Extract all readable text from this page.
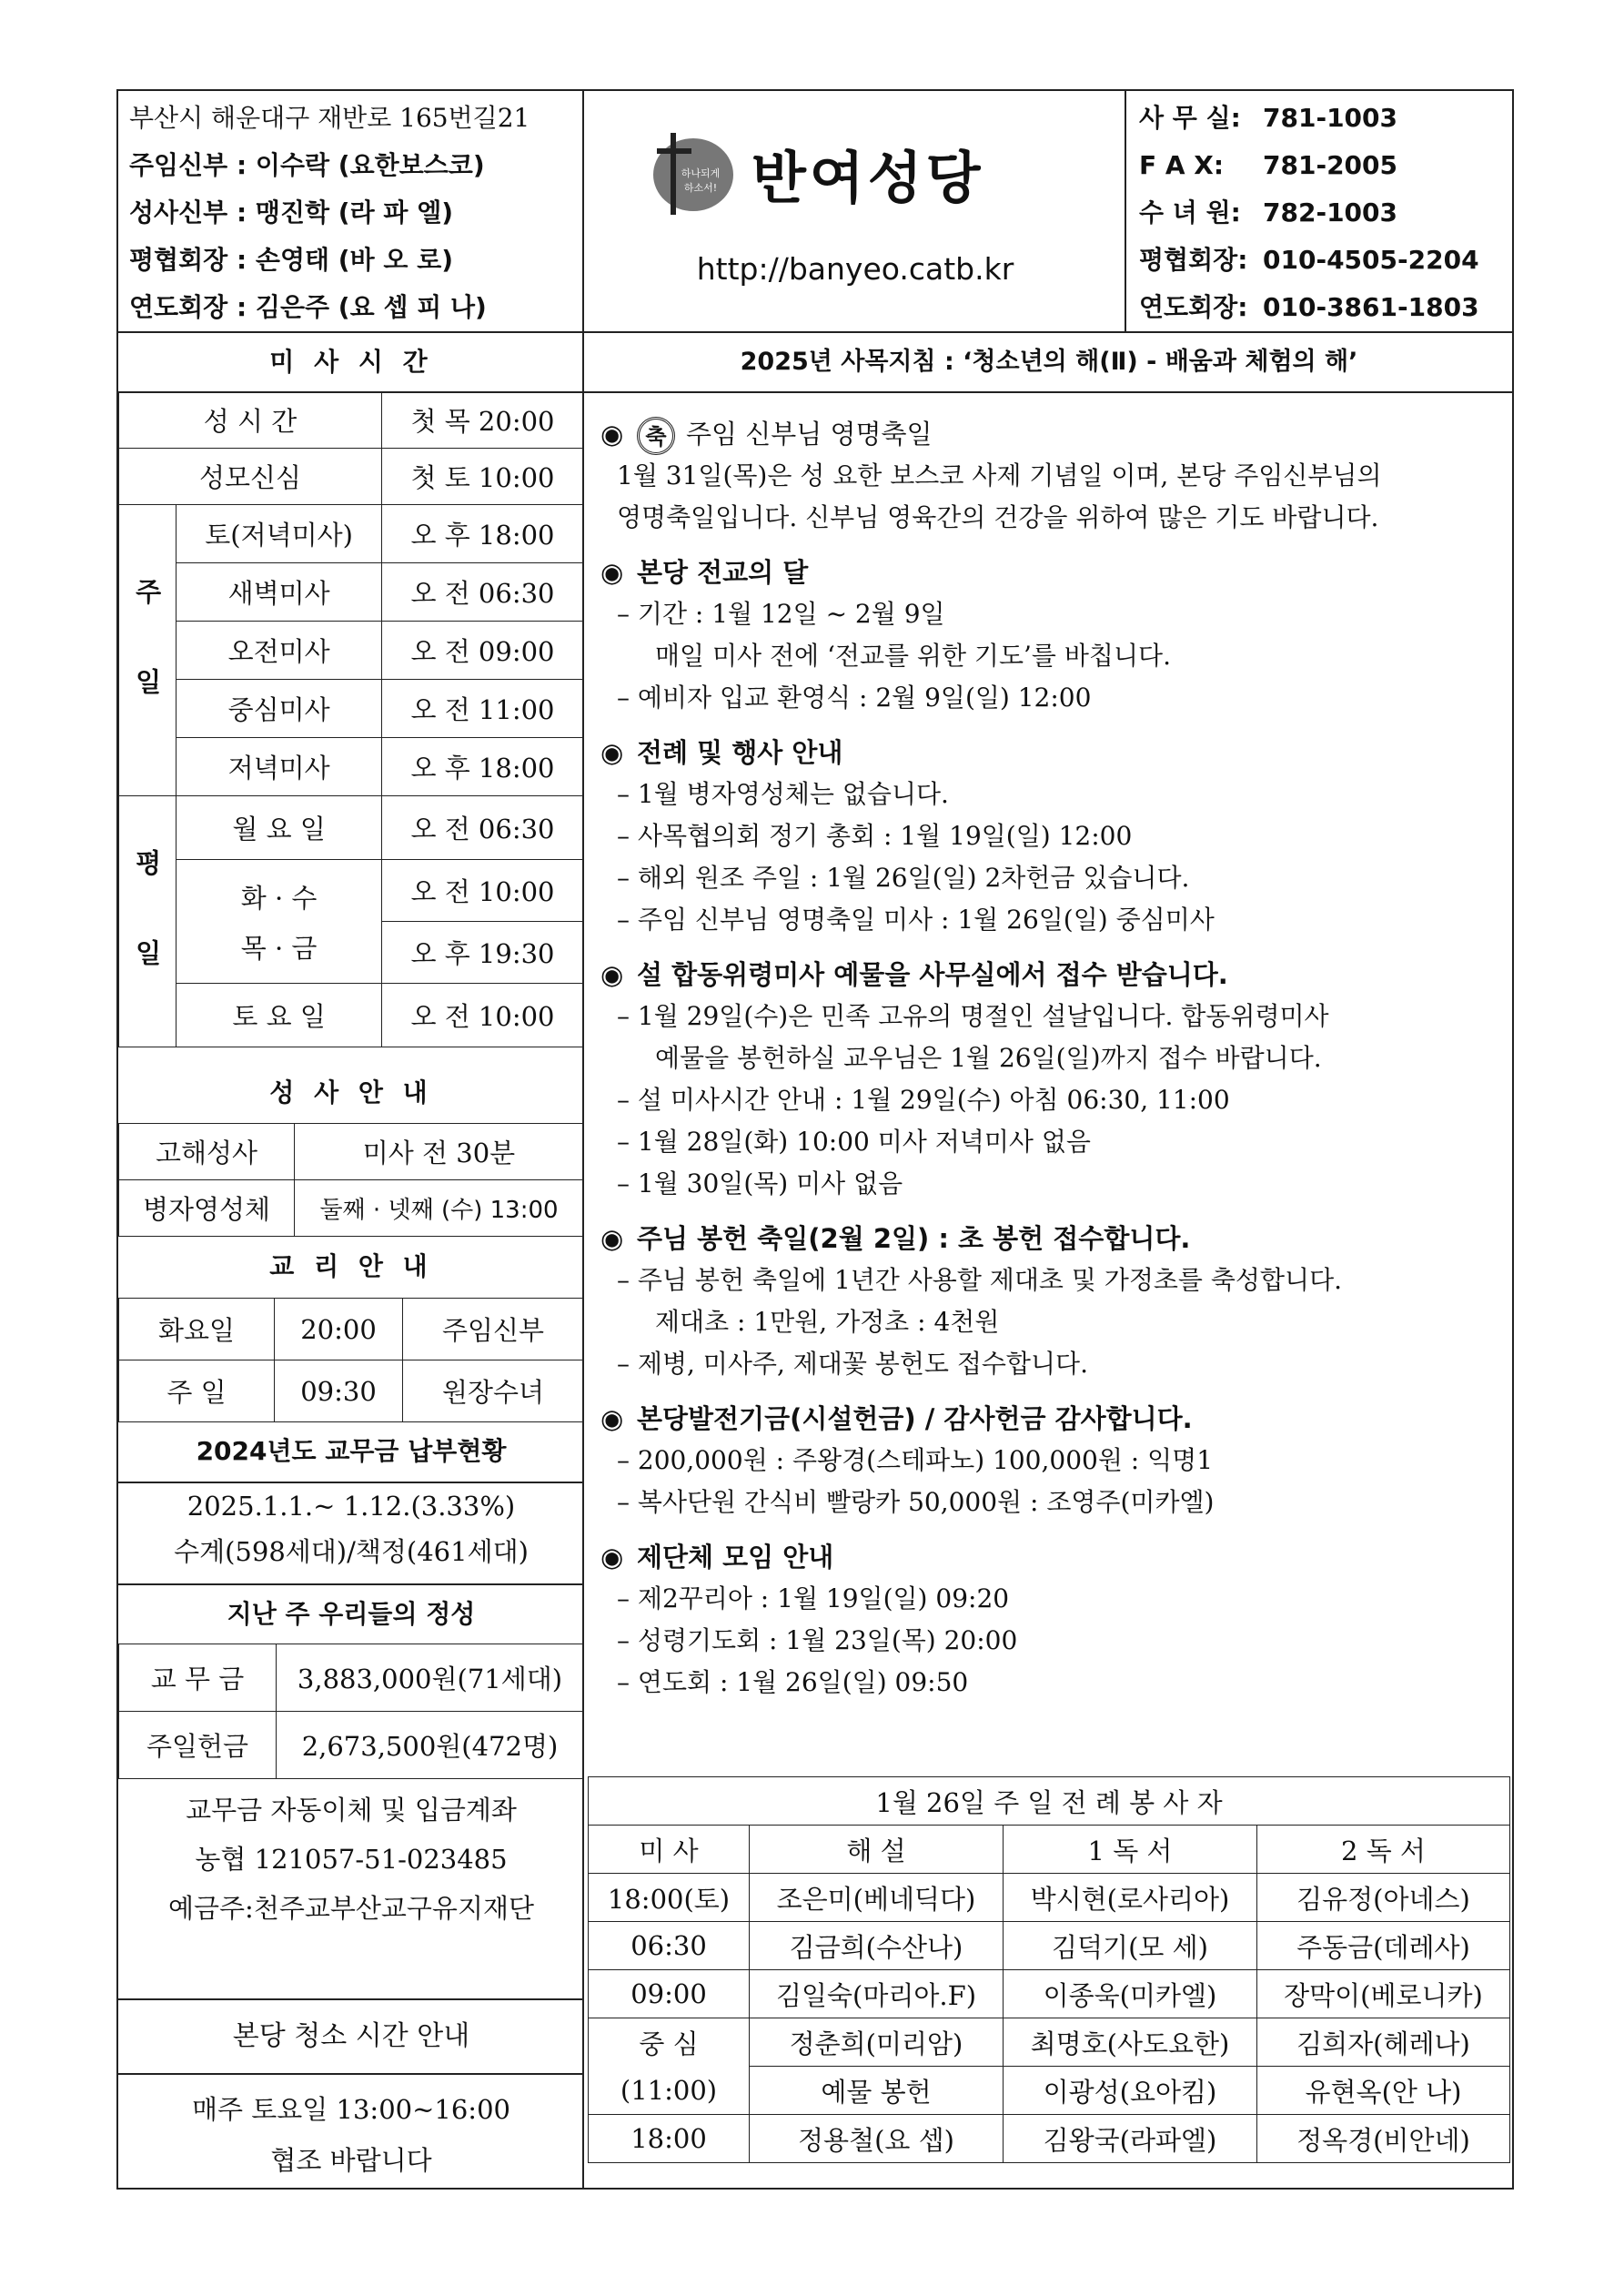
부산시 해운대구 재반로 165번길21
주임신부 : 이수락 (요한보스코)
성사신부 : 맹진학 (라 파 엘)
평협회장 : 손영태 (바 오 로)
연도회장 : 김은주 (요 셉 피 나)
하나되게
하소서! 반여성당
http://banyeo.catb.kr
사 무 실: 781-1003
F A X: 781-2005
수 녀 원: 782-1003
평협회장: 010-4505-2204
연도회장: 010-3861-1803
2025년 사목지침 : ‘청소년의 해(Ⅱ) - 배움과 체험의 해’
미 사 시 간
성 시 간		첫 목 20:00
성모신심		첫 토 10:00
주 일	토(저녁미사)	오 후 18:00
	새벽미사	오 전 06:30
	오전미사	오 전 09:00
	중심미사	오 전 11:00
	저녁미사	오 후 18:00
평 일	월 요 일	오 전 06:30

	화 · 수
목 · 금	오 전 10:00
		오 후 19:30
	토 요 일	오 전 10:00
성 사 안 내
고해성사	미사 전 30분
병자영성체	둘째 · 넷째 (수) 13:00
교 리 안 내
화요일	20:00	주임신부
주 일	09:30	원장수녀
2024년도 교무금 납부현황
2025.1.1.~ 1.12.(3.33%)
수계(598세대)/책정(461세대)
지난 주 우리들의 정성
교 무 금	3,883,000원(71세대)
주일헌금	2,673,500원(472명)
교무금 자동이체 및 입금계좌
농협 121057-51-023485
예금주:천주교부산교구유지재단
본당 청소 시간 안내
매주 토요일 13:00~16:00
협조 바랍니다
◉ 축 주임 신부님 영명축일
1월 31일(목)은 성 요한 보스코 사제 기념일 이며, 본당 주임신부님의
영명축일입니다. 신부님 영육간의 건강을 위하여 많은 기도 바랍니다.
◉ 본당 전교의 달
– 기간 : 1월 12일 ~ 2월 9일
매일 미사 전에 ‘전교를 위한 기도’를 바칩니다.
– 예비자 입교 환영식 : 2월 9일(일) 12:00
◉ 전례 및 행사 안내
– 1월 병자영성체는 없습니다.
– 사목협의회 정기 총회 : 1월 19일(일) 12:00
– 해외 원조 주일 : 1월 26일(일) 2차헌금 있습니다.
– 주임 신부님 영명축일 미사 : 1월 26일(일) 중심미사
◉ 설 합동위령미사 예물을 사무실에서 접수 받습니다.
– 1월 29일(수)은 민족 고유의 명절인 설날입니다. 합동위령미사
예물을 봉헌하실 교우님은 1월 26일(일)까지 접수 바랍니다.
– 설 미사시간 안내 : 1월 29일(수) 아침 06:30, 11:00
– 1월 28일(화) 10:00 미사 저녁미사 없음
– 1월 30일(목) 미사 없음
◉ 주님 봉헌 축일(2월 2일) : 초 봉헌 접수합니다.
– 주님 봉헌 축일에 1년간 사용할 제대초 및 가정초를 축성합니다.
제대초 : 1만원, 가정초 : 4천원
– 제병, 미사주, 제대꽃 봉헌도 접수합니다.
◉ 본당발전기금(시설헌금) / 감사헌금 감사합니다.
– 200,000원 : 주왕경(스테파노) 100,000원 : 익명1
– 복사단원 간식비 빨랑카 50,000원 : 조영주(미카엘)
◉ 제단체 모임 안내
– 제2꾸리아 : 1월 19일(일) 09:20
– 성령기도회 : 1월 23일(목) 20:00
– 연도회 : 1월 26일(일) 09:50
1월 26일 주 일 전 례 봉 사 자			
미 사	해 설	1 독 서	2 독 서
18:00(토)	조은미(베네딕다)	박시현(로사리아)	김유정(아네스)
06:30	김금희(수산나)	김덕기(모 세)	주동금(데레사)
09:00	김일숙(마리아.F)	이종욱(미카엘)	장막이(베로니카)
중 심	정춘희(미리암)	최명호(사도요한)	김희자(헤레나)
(11:00)	예물 봉헌	이광성(요아킴)	유현옥(안 나)
18:00	정용철(요 셉)	김왕국(라파엘)	정옥경(비안네)
